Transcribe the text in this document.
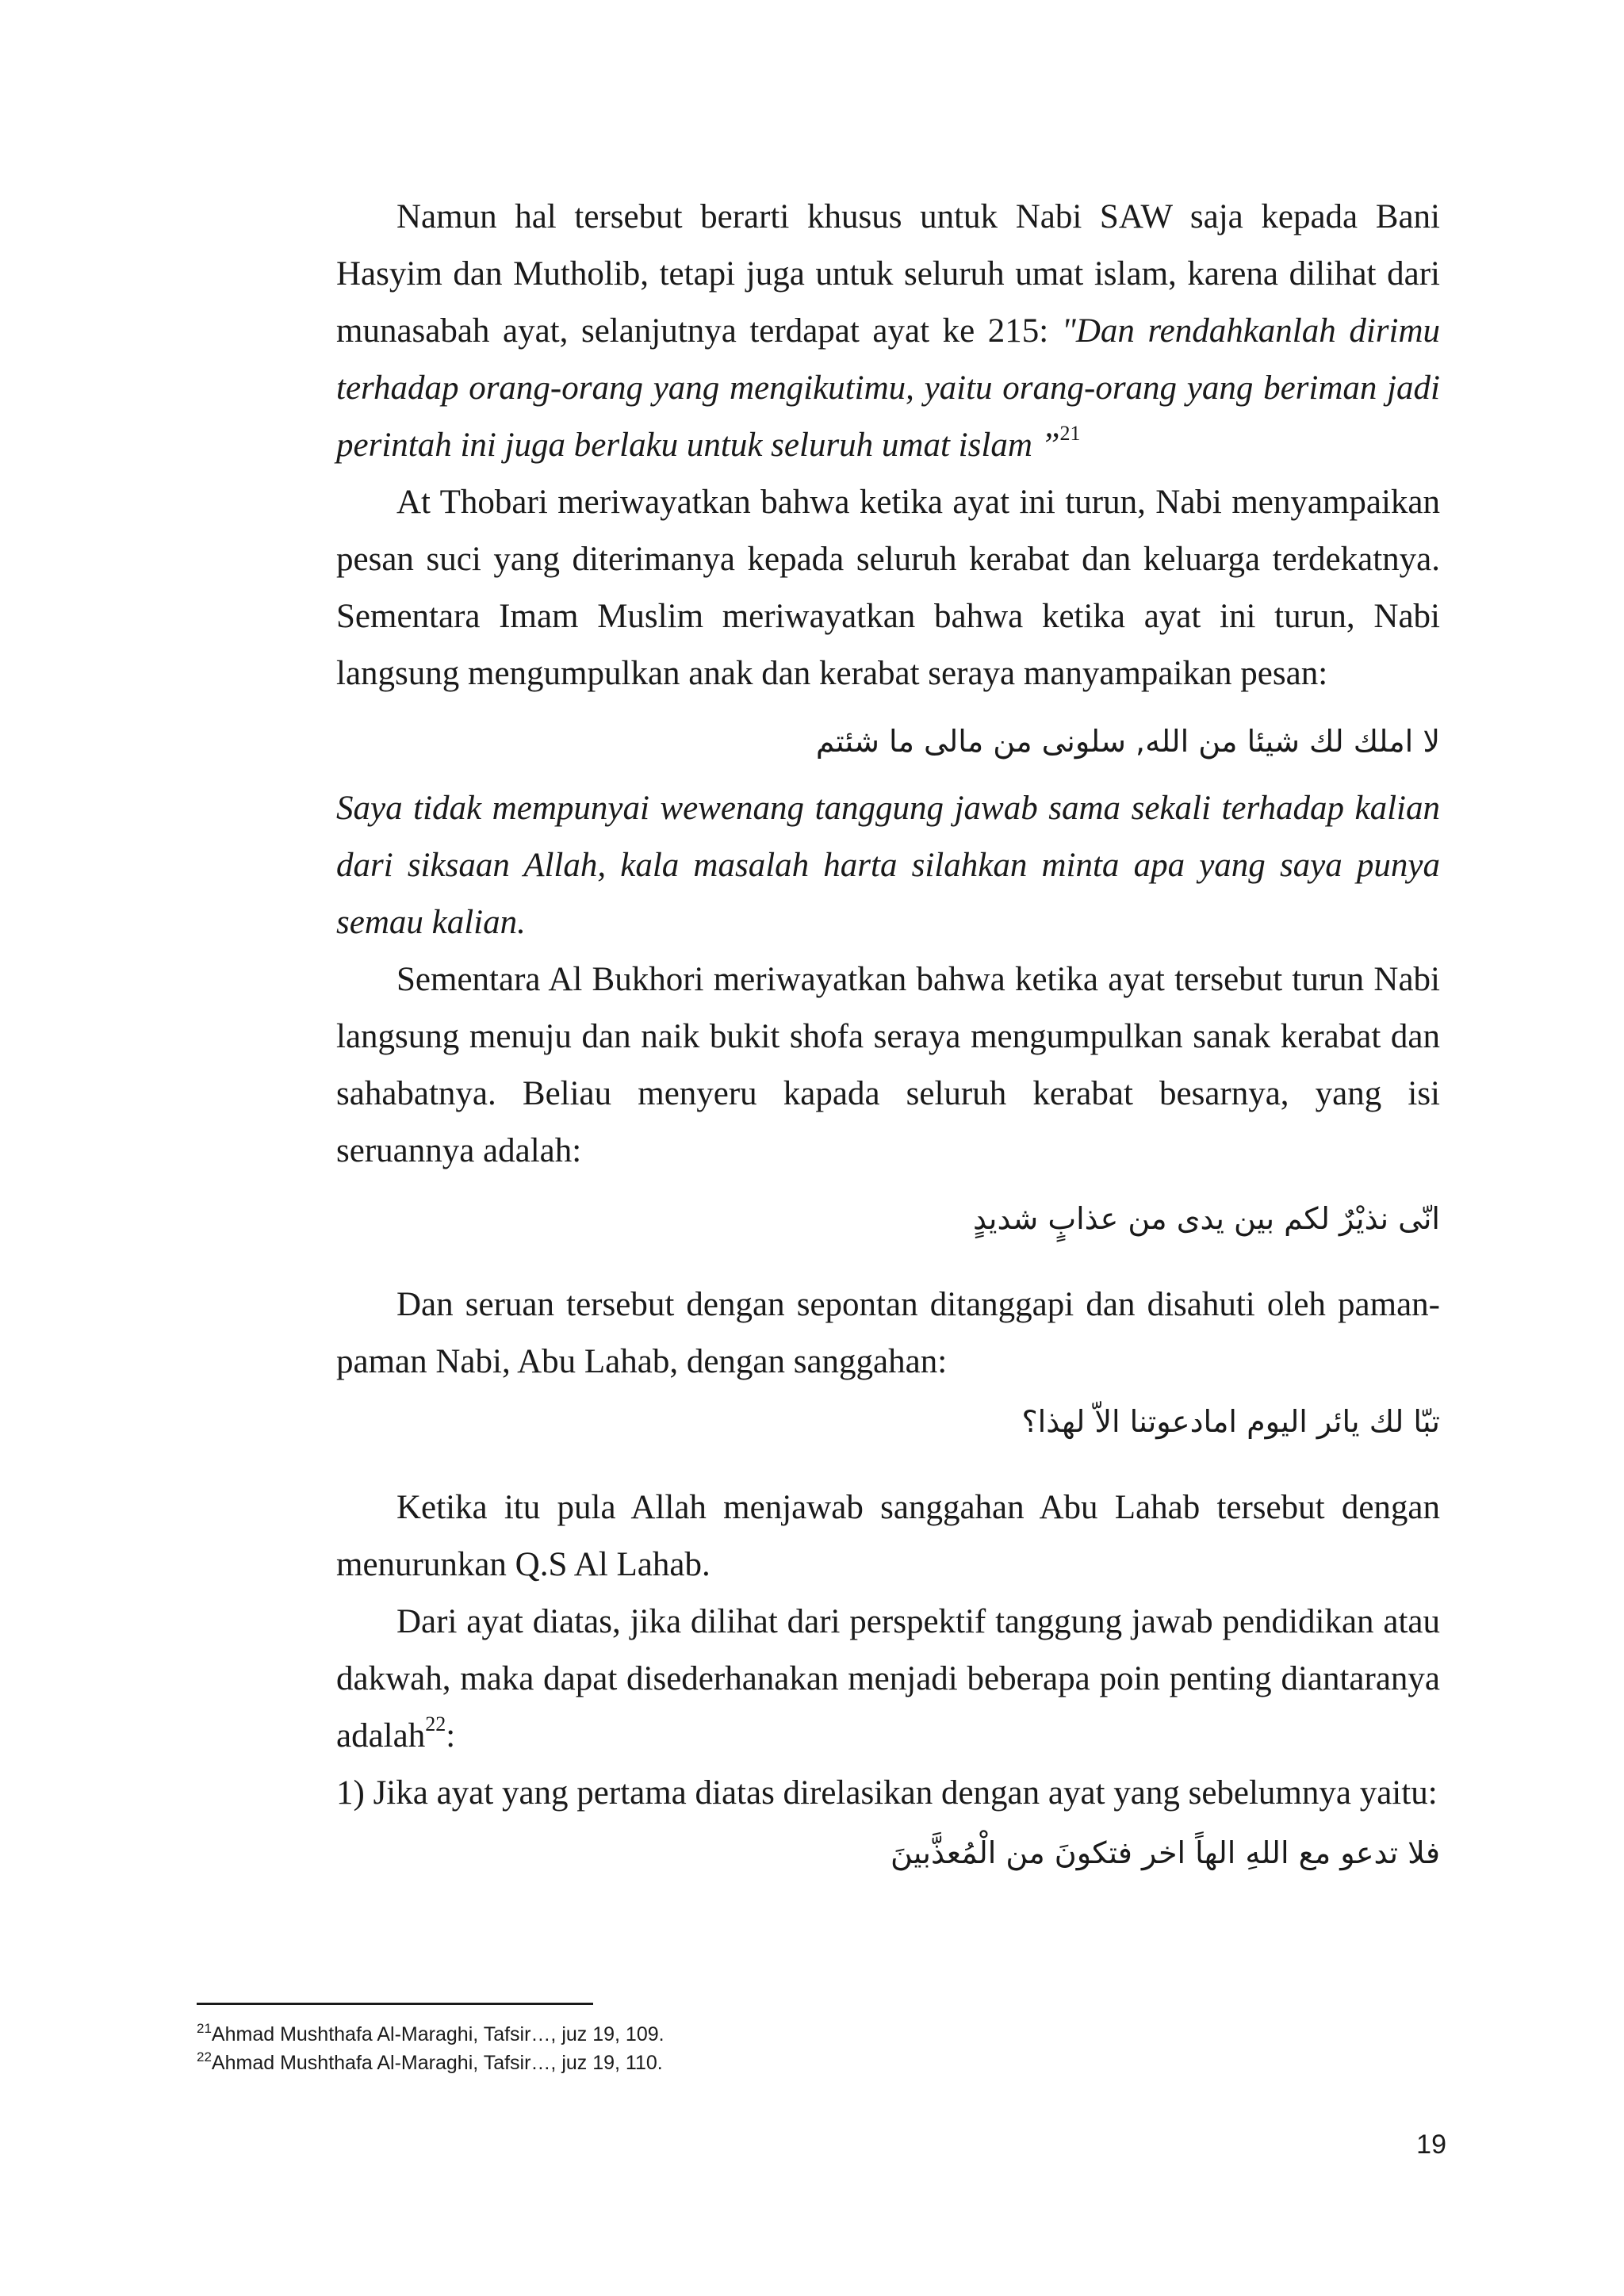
Namun hal tersebut berarti khusus untuk Nabi SAW saja kepada Bani Hasyim dan Mutholib, tetapi juga untuk seluruh umat islam, karena dilihat dari munasabah ayat, selanjutnya terdapat ayat ke 215: "Dan rendahkanlah dirimu terhadap orang-orang yang mengikutimu, yaitu orang-orang yang beriman jadi perintah ini juga berlaku untuk seluruh umat islam ”$^{21}$

At Thobari meriwayatkan bahwa ketika ayat ini turun, Nabi menyampaikan pesan suci yang diterimanya kepada seluruh kerabat dan keluarga terdekatnya. Sementara Imam Muslim meriwayatkan bahwa ketika ayat ini turun, Nabi langsung mengumpulkan anak dan kerabat seraya manyampaikan pesan:

لا املك لك شيئا من الله, سلونى من مالى ما شئتم

Saya tidak mempunyai wewenang tanggung jawab sama sekali terhadap kalian dari siksaan Allah, kala masalah harta silahkan minta apa yang saya punya semau kalian.

Sementara Al Bukhori meriwayatkan bahwa ketika ayat tersebut turun Nabi langsung menuju dan naik bukit shofa seraya mengumpulkan sanak kerabat dan sahabatnya. Beliau menyeru kapada seluruh kerabat besarnya, yang isi seruannya adalah:

انّى نذيْرٌ لكم بين يدى من عذابٍ شديدٍ

Dan seruan tersebut dengan sepontan ditanggapi dan disahuti oleh paman-paman Nabi, Abu Lahab, dengan sanggahan:

تبّا لك يائر اليوم امادعوتنا الاّ لهذا؟

Ketika itu pula Allah menjawab sanggahan Abu Lahab tersebut dengan menurunkan Q.S Al Lahab.

Dari ayat diatas, jika dilihat dari perspektif tanggung jawab pendidikan atau dakwah, maka dapat disederhanakan menjadi beberapa poin penting diantaranya adalah$^{22}$:

1) Jika ayat yang pertama diatas direlasikan dengan ayat yang sebelumnya yaitu:

فلا تدعو مع اللهِ الهاً اخر فتكونَ من الْمُعذَّبينَ

$^{21}$Ahmad Mushthafa Al-Maraghi, Tafsir…, juz 19, 109.
$^{22}$Ahmad Mushthafa Al-Maraghi, Tafsir…, juz 19, 110.
19
